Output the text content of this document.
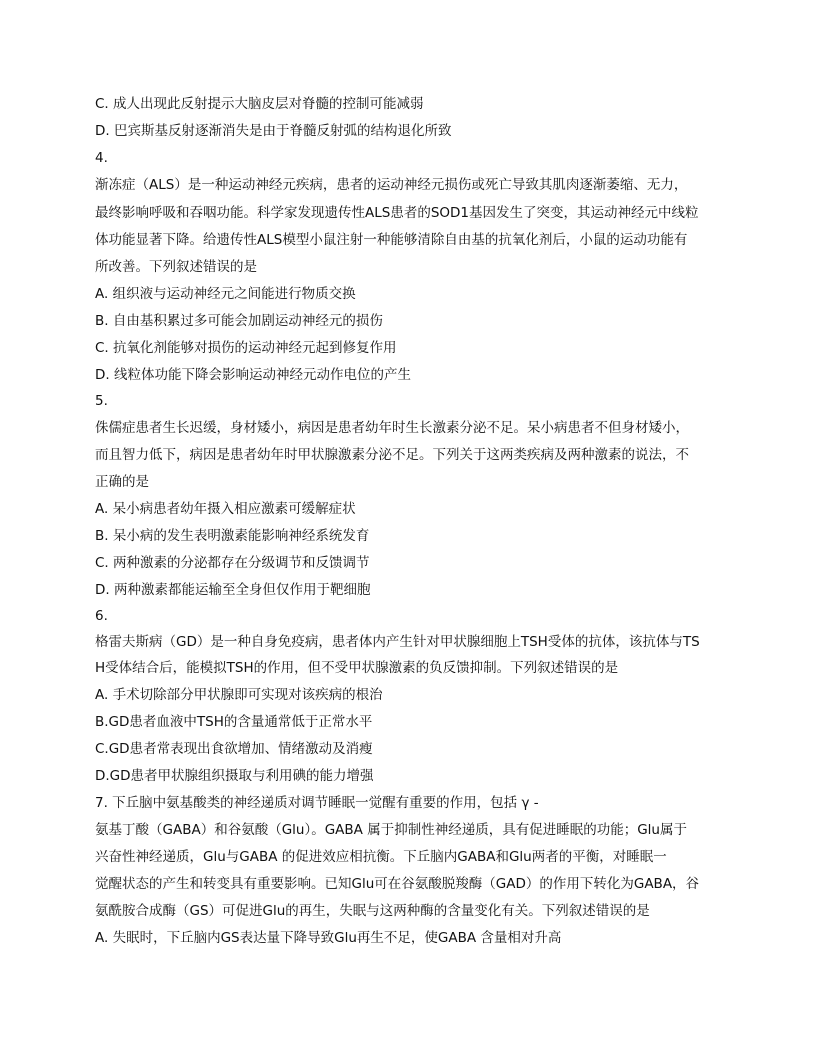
C. 成人出现此反射提示大脑皮层对脊髓的控制可能减弱
D. 巴宾斯基反射逐渐消失是由于脊髓反射弧的结构退化所致
4.
渐冻症（ALS）是一种运动神经元疾病，患者的运动神经元损伤或死亡导致其肌肉逐渐萎缩、无力，
最终影响呼吸和吞咽功能。科学家发现遗传性ALS患者的SOD1基因发生了突变，其运动神经元中线粒
体功能显著下降。给遗传性ALS模型小鼠注射一种能够清除自由基的抗氧化剂后，小鼠的运动功能有
所改善。下列叙述错误的是
A. 组织液与运动神经元之间能进行物质交换
B. 自由基积累过多可能会加剧运动神经元的损伤
C. 抗氧化剂能够对损伤的运动神经元起到修复作用
D. 线粒体功能下降会影响运动神经元动作电位的产生
5.
侏儒症患者生长迟缓，身材矮小，病因是患者幼年时生长激素分泌不足。呆小病患者不但身材矮小，
而且智力低下，病因是患者幼年时甲状腺激素分泌不足。下列关于这两类疾病及两种激素的说法，不
正确的是
A. 呆小病患者幼年摄入相应激素可缓解症状
B. 呆小病的发生表明激素能影响神经系统发育
C. 两种激素的分泌都存在分级调节和反馈调节
D. 两种激素都能运输至全身但仅作用于靶细胞
6.
格雷夫斯病（GD）是一种自身免疫病，患者体内产生针对甲状腺细胞上TSH受体的抗体，该抗体与TS
H受体结合后，能模拟TSH的作用，但不受甲状腺激素的负反馈抑制。下列叙述错误的是
A. 手术切除部分甲状腺即可实现对该疾病的根治
B.GD患者血液中TSH的含量通常低于正常水平
C.GD患者常表现出食欲增加、情绪激动及消瘦
D.GD患者甲状腺组织摄取与利用碘的能力增强
7. 下丘脑中氨基酸类的神经递质对调节睡眠一觉醒有重要的作用，包括 γ -
氨基丁酸（GABA）和谷氨酸（Glu）。GABA 属于抑制性神经递质，具有促进睡眠的功能；Glu属于
兴奋性神经递质，Glu与GABA 的促进效应相抗衡。下丘脑内GABA和Glu两者的平衡，对睡眠一
觉醒状态的产生和转变具有重要影响。已知Glu可在谷氨酸脱羧酶（GAD）的作用下转化为GABA，谷
氨酰胺合成酶（GS）可促进Glu的再生，失眠与这两种酶的含量变化有关。下列叙述错误的是
A. 失眠时，下丘脑内GS表达量下降导致Glu再生不足，使GABA 含量相对升高
